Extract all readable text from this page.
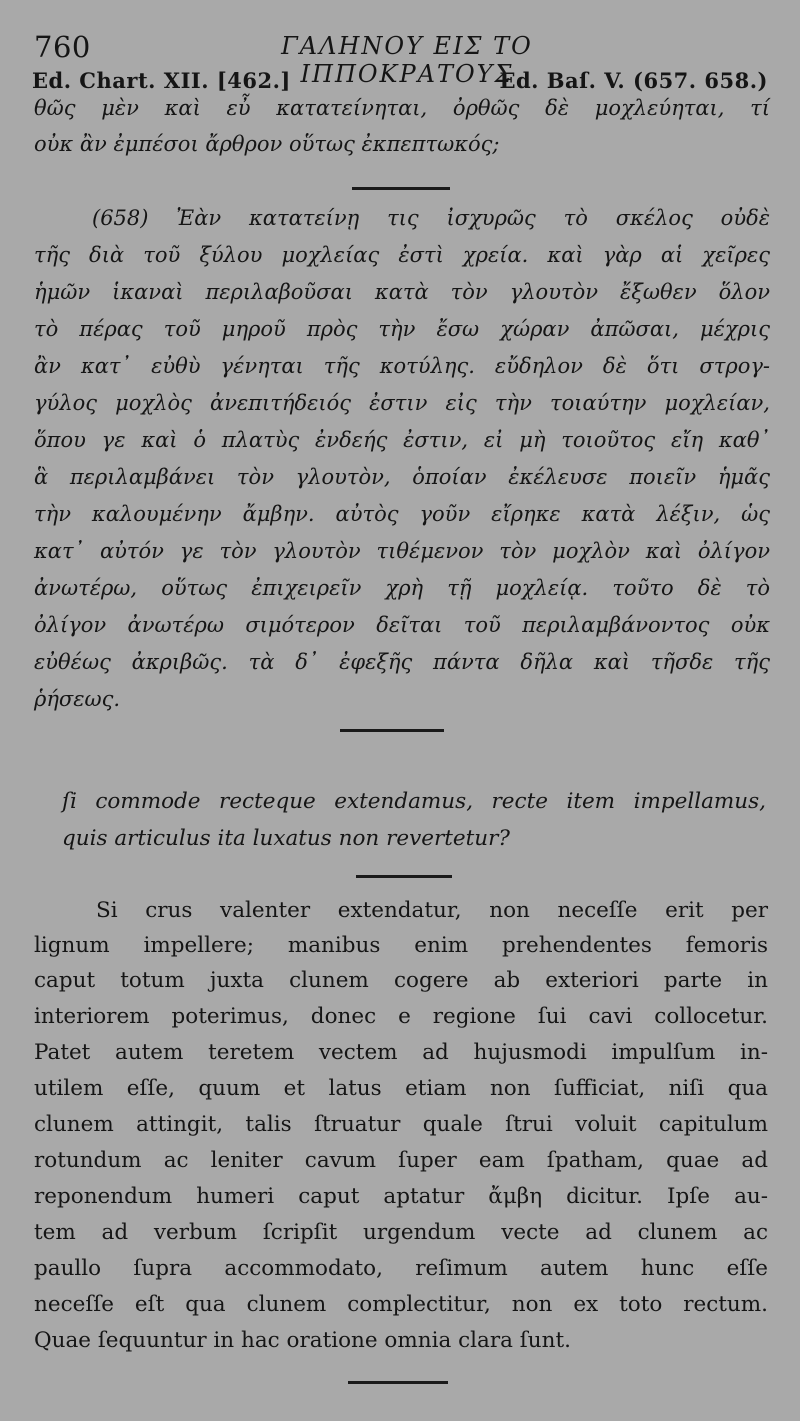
760	ΓΑΛΗΝΟΥ ΕΙΣ ΤΟ ΙΠΠΟΚΡΑΤΟΥΣ
Ed. Chart. XII. [462.]	Ed. Baſ. V. (657. 658.)
θῶς μὲν καὶ εὖ κατατείνηται, ὀρθῶς δὲ μοχλεύηται, τί
οὐκ ἂν ἐμπέσοι ἄρθρον οὕτως ἐκπεπτωκός;
(658) Ἐὰν κατατείνῃ τις ἰσχυρῶς τὸ σκέλος οὐδὲ
τῆς διὰ τοῦ ξύλου μοχλείας ἐστὶ χρεία. καὶ γὰρ αἱ χεῖρες
ἡμῶν ἱκαναὶ περιλαβοῦσαι κατὰ τὸν γλουτὸν ἔξωθεν ὅλον
τὸ πέρας τοῦ μηροῦ πρὸς τὴν ἔσω χώραν ἀπῶσαι, μέχρις
ἂν κατ᾽ εὐθὺ γένηται τῆς κοτύλης. εὔδηλον δὲ ὅτι στρογ-
γύλος μοχλὸς ἀνεπιτήδειός ἐστιν εἰς τὴν τοιαύτην μοχλείαν,
ὅπου γε καὶ ὁ πλατὺς ἐνδεής ἐστιν, εἰ μὴ τοιοῦτος εἴη καθ᾽
ἃ περιλαμβάνει τὸν γλουτὸν, ὁποίαν ἐκέλευσε ποιεῖν ἡμᾶς
τὴν καλουμένην ἄμβην. αὐτὸς γοῦν εἴρηκε κατὰ λέξιν, ὡς
κατ᾽ αὐτόν γε τὸν γλουτὸν τιθέμενον τὸν μοχλὸν καὶ ὀλίγον
ἀνωτέρω, οὕτως ἐπιχειρεῖν χρὴ τῇ μοχλείᾳ. τοῦτο δὲ τὸ
ὀλίγον ἀνωτέρω σιμότερον δεῖται τοῦ περιλαμβάνοντος οὐκ
εὐθέως ἀκριβῶς. τὰ δ᾽ ἐφεξῆς πάντα δῆλα καὶ τῆσδε τῆς
ῥήσεως.
ſi commode recteque extendamus, recte item impellamus,
quis articulus ita luxatus non revertetur?
Si crus valenter extendatur, non neceſſe erit per
lignum impellere; manibus enim prehendentes femoris
caput totum juxta clunem cogere ab exteriori parte in
interiorem poterimus, donec e regione ſui cavi collocetur.
Patet autem teretem vectem ad hujusmodi impulſum in-
utilem eſſe, quum et latus etiam non ſufficiat, niſi qua
clunem attingit, talis ſtruatur quale ſtrui voluit capitulum
rotundum ac leniter cavum ſuper eam ſpatham, quae ad
reponendum humeri caput aptatur ἄμβη dicitur. Ipſe au-
tem ad verbum ſcripſit urgendum vecte ad clunem ac
paullo ſupra accommodato, reſimum autem hunc eſſe
neceſſe eſt qua clunem complectitur, non ex toto rectum.
Quae ſequuntur in hac oratione omnia clara ſunt.
